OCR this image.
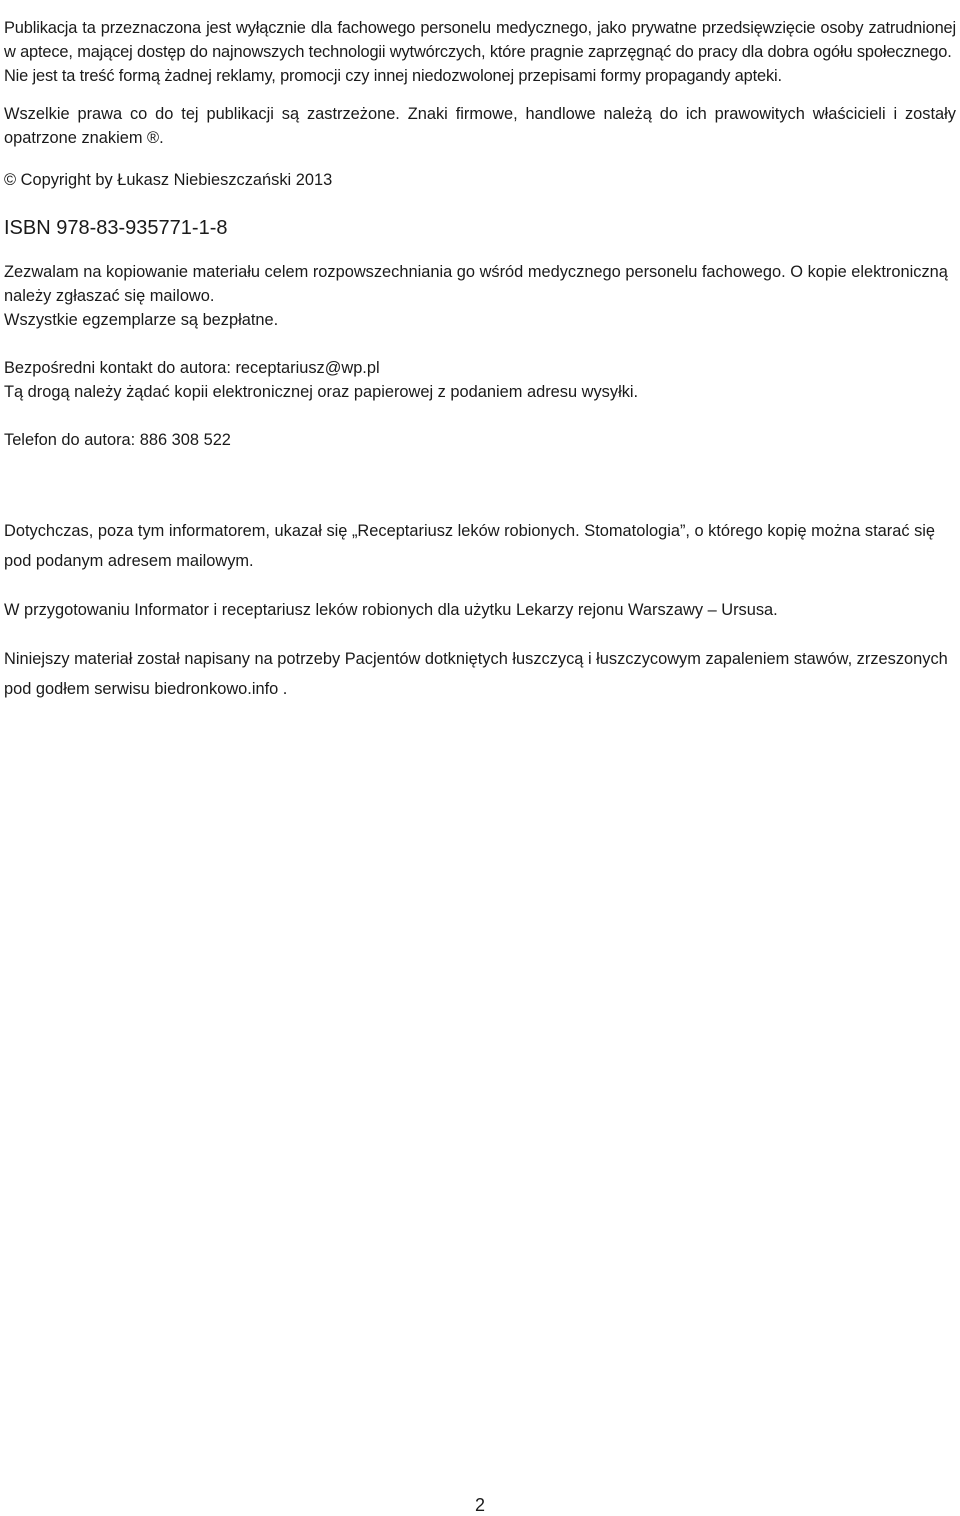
Publikacja ta przeznaczona jest wyłącznie dla fachowego personelu medycznego, jako prywatne przedsięwzięcie osoby zatrudnionej w aptece, mającej dostęp do najnowszych technologii wytwórczych, które pragnie zaprzęgnąć do pracy dla dobra ogółu społecznego.

Nie jest ta treść formą żadnej reklamy, promocji czy innej niedozwolonej przepisami formy propagandy apteki.

Wszelkie prawa co do tej publikacji są zastrzeżone. Znaki firmowe, handlowe należą do ich prawowitych właścicieli i zostały opatrzone znakiem ®.

© Copyright by Łukasz Niebieszczański 2013

ISBN 978-83-935771-1-8

Zezwalam na kopiowanie materiału celem rozpowszechniania go wśród medycznego personelu fachowego. O kopie elektroniczną należy zgłaszać się mailowo.

Wszystkie egzemplarze są bezpłatne.

Bezpośredni kontakt do autora: receptariusz@wp.pl

Tą drogą należy żądać kopii elektronicznej oraz papierowej z podaniem adresu wysyłki.

Telefon do autora: 886 308 522

Dotychczas, poza tym informatorem, ukazał się „Receptariusz leków robionych. Stomatologia”, o którego kopię można starać się pod podanym adresem mailowym.

W przygotowaniu Informator i receptariusz leków robionych dla użytku Lekarzy rejonu Warszawy – Ursusa.

Niniejszy materiał został napisany na potrzeby Pacjentów dotkniętych łuszczycą i łuszczycowym zapaleniem stawów, zrzeszonych pod godłem serwisu biedronkowo.info .

2
